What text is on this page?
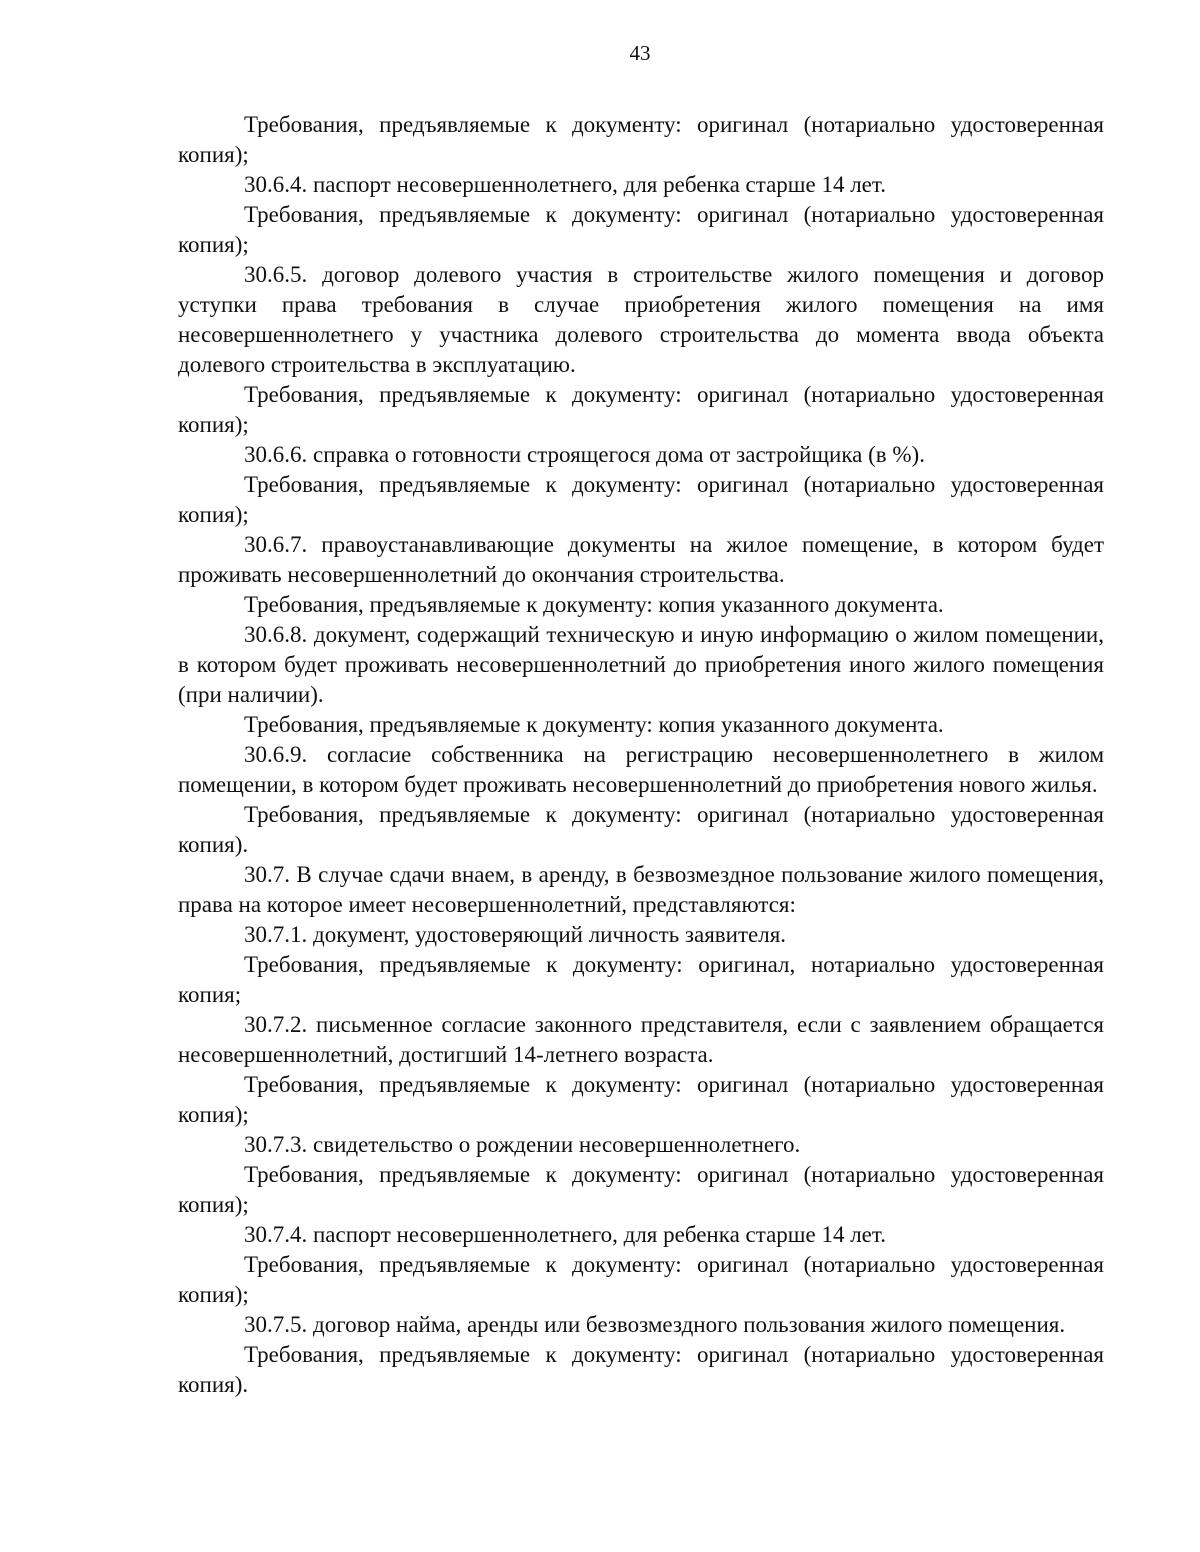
43

Требования, предъявляемые к документу: оригинал (нотариально удостоверенная копия);

30.6.4. паспорт несовершеннолетнего, для ребенка старше 14 лет.

Требования, предъявляемые к документу: оригинал (нотариально удостоверенная копия);

30.6.5. договор долевого участия в строительстве жилого помещения и договор уступки права требования в случае приобретения жилого помещения на имя несовершеннолетнего у участника долевого строительства до момента ввода объекта долевого строительства в эксплуатацию.

Требования, предъявляемые к документу: оригинал (нотариально удостоверенная копия);

30.6.6. справка о готовности строящегося дома от застройщика (в %).

Требования, предъявляемые к документу: оригинал (нотариально удостоверенная копия);

30.6.7. правоустанавливающие документы на жилое помещение, в котором будет проживать несовершеннолетний до окончания строительства.

Требования, предъявляемые к документу: копия указанного документа.

30.6.8. документ, содержащий техническую и иную информацию о жилом помещении, в котором будет проживать несовершеннолетний до приобретения иного жилого помещения (при наличии).

Требования, предъявляемые к документу: копия указанного документа.

30.6.9. согласие собственника на регистрацию несовершеннолетнего в жилом помещении, в котором будет проживать несовершеннолетний до приобретения нового жилья.

Требования, предъявляемые к документу: оригинал (нотариально удостоверенная копия).

30.7. В случае сдачи внаем, в аренду, в безвозмездное пользование жилого помещения, права на которое имеет несовершеннолетний, представляются:

30.7.1. документ, удостоверяющий личность заявителя.

Требования, предъявляемые к документу: оригинал, нотариально удостоверенная копия;

30.7.2. письменное согласие законного представителя, если с заявлением обращается несовершеннолетний, достигший 14-летнего возраста.

Требования, предъявляемые к документу: оригинал (нотариально удостоверенная копия);

30.7.3. свидетельство о рождении несовершеннолетнего.

Требования, предъявляемые к документу: оригинал (нотариально удостоверенная копия);

30.7.4. паспорт несовершеннолетнего, для ребенка старше 14 лет.

Требования, предъявляемые к документу: оригинал (нотариально удостоверенная копия);

30.7.5. договор найма, аренды или безвозмездного пользования жилого помещения.

Требования, предъявляемые к документу: оригинал (нотариально удостоверенная копия).
